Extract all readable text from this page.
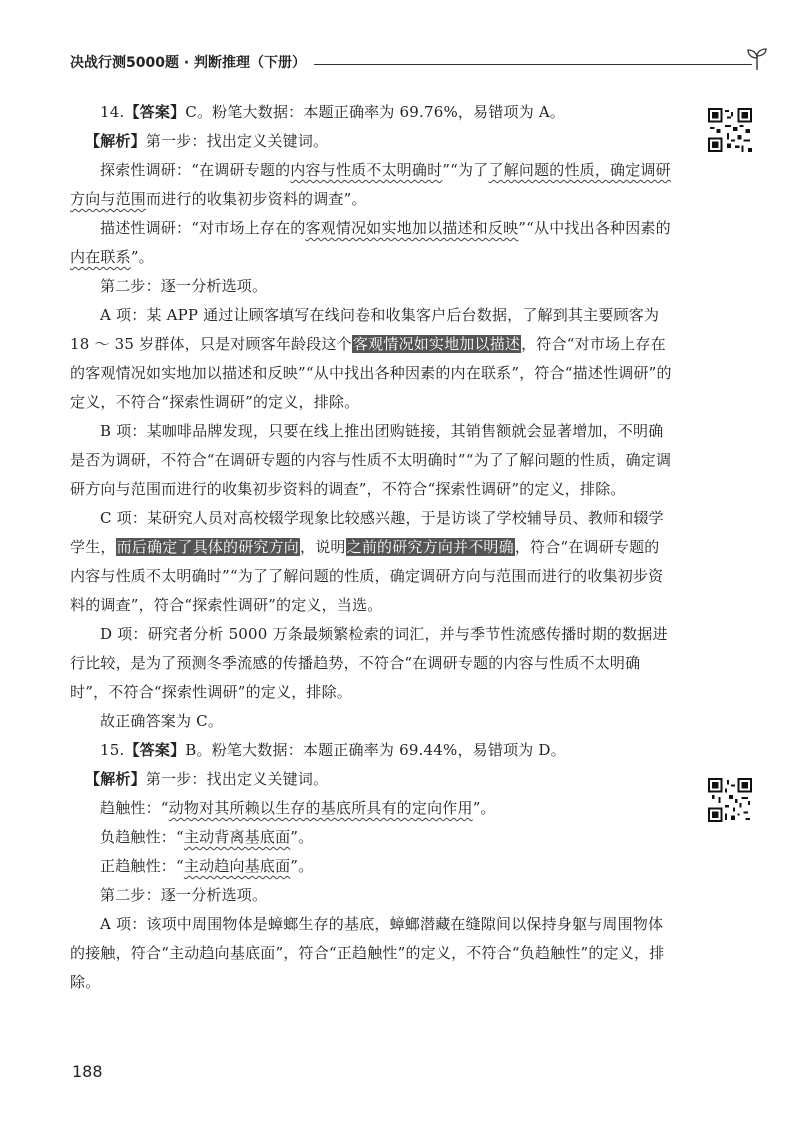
决战行测5000题 · 判断推理（下册）

14.【答案】C。粉笔大数据：本题正确率为 69.76%，易错项为 A。

【解析】第一步：找出定义关键词。

探索性调研：“在调研专题的内容与性质不太明确时”“为了了解问题的性质，确定调研方向与范围而进行的收集初步资料的调查”。

描述性调研：“对市场上存在的客观情况如实地加以描述和反映”“从中找出各种因素的内在联系”。

第二步：逐一分析选项。

A 项：某 APP 通过让顾客填写在线问卷和收集客户后台数据，了解到其主要顾客为 18 ～ 35 岁群体，只是对顾客年龄段这个客观情况如实地加以描述，符合“对市场上存在的客观情况如实地加以描述和反映”“从中找出各种因素的内在联系”，符合“描述性调研”的定义，不符合“探索性调研”的定义，排除。

B 项：某咖啡品牌发现，只要在线上推出团购链接，其销售额就会显著增加，不明确是否为调研，不符合“在调研专题的内容与性质不太明确时”“为了了解问题的性质，确定调研方向与范围而进行的收集初步资料的调查”，不符合“探索性调研”的定义，排除。

C 项：某研究人员对高校辍学现象比较感兴趣，于是访谈了学校辅导员、教师和辍学学生，而后确定了具体的研究方向，说明之前的研究方向并不明确，符合“在调研专题的内容与性质不太明确时”“为了了解问题的性质，确定调研方向与范围而进行的收集初步资料的调查”，符合“探索性调研”的定义，当选。

D 项：研究者分析 5000 万条最频繁检索的词汇，并与季节性流感传播时期的数据进行比较，是为了预测冬季流感的传播趋势，不符合“在调研专题的内容与性质不太明确时”，不符合“探索性调研”的定义，排除。

故正确答案为 C。

15.【答案】B。粉笔大数据：本题正确率为 69.44%，易错项为 D。

【解析】第一步：找出定义关键词。

趋触性：“动物对其所赖以生存的基底所具有的定向作用”。

负趋触性：“主动背离基底面”。

正趋触性：“主动趋向基底面”。

第二步：逐一分析选项。

A 项：该项中周围物体是蟑螂生存的基底，蟑螂潜藏在缝隙间以保持身躯与周围物体的接触，符合“主动趋向基底面”，符合“正趋触性”的定义，不符合“负趋触性”的定义，排除。

188
